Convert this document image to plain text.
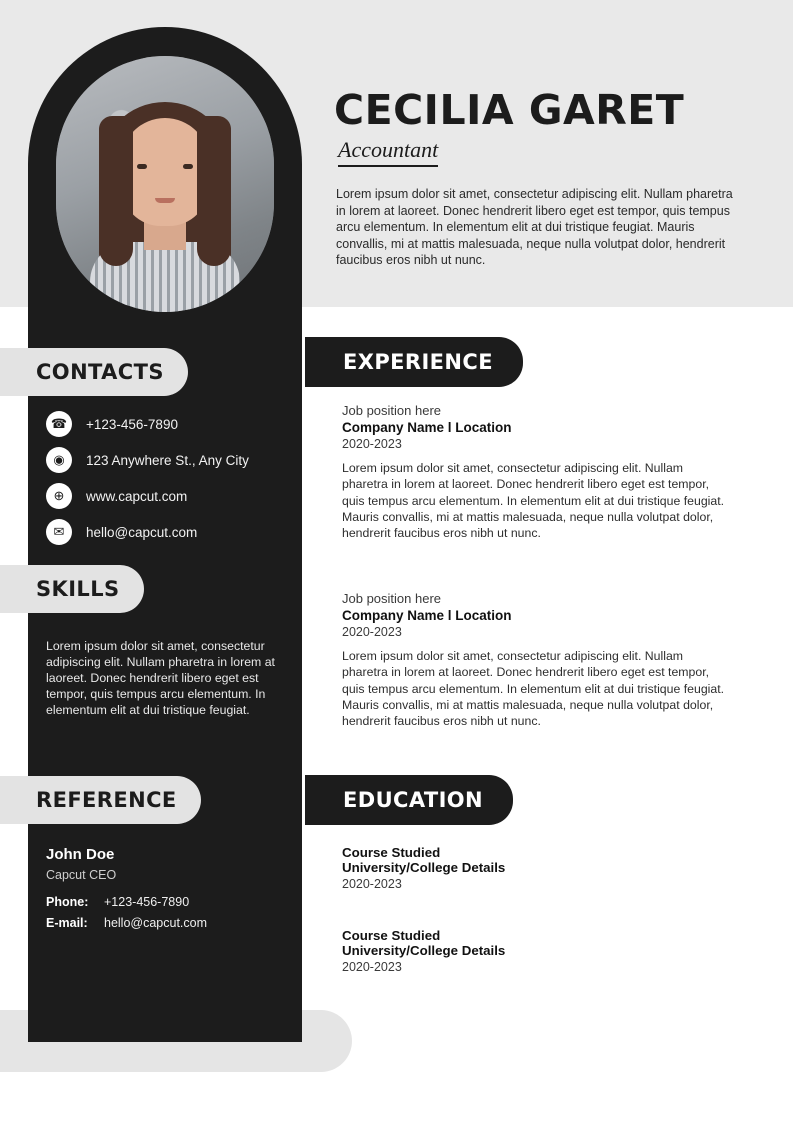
CECILIA GARET
Accountant
Lorem ipsum dolor sit amet, consectetur adipiscing elit. Nullam pharetra in lorem at laoreet. Donec hendrerit libero eget est tempor, quis tempus arcu elementum. In elementum elit at dui tristique feugiat. Mauris convallis, mi at mattis malesuada, neque nulla volutpat dolor, hendrerit faucibus eros nibh ut nunc.
CONTACTS
☎	+123-456-7890
◉	123 Anywhere St., Any City
⊕	www.capcut.com
✉	hello@capcut.com
SKILLS
Lorem ipsum dolor sit amet, consectetur adipiscing elit. Nullam pharetra in lorem at laoreet. Donec hendrerit libero eget est tempor, quis tempus arcu elementum. In elementum elit at dui tristique feugiat.
REFERENCE
John Doe
Capcut CEO
Phone:	+123-456-7890
E-mail:	hello@capcut.com
EXPERIENCE
Job position here
Company Name l Location
2020-2023
Lorem ipsum dolor sit amet, consectetur adipiscing elit. Nullam pharetra in lorem at laoreet. Donec hendrerit libero eget est tempor, quis tempus arcu elementum. In elementum elit at dui tristique feugiat. Mauris convallis, mi at mattis malesuada, neque nulla volutpat dolor, hendrerit faucibus eros nibh ut nunc.
Job position here
Company Name l Location
2020-2023
Lorem ipsum dolor sit amet, consectetur adipiscing elit. Nullam pharetra in lorem at laoreet. Donec hendrerit libero eget est tempor, quis tempus arcu elementum. In elementum elit at dui tristique feugiat. Mauris convallis, mi at mattis malesuada, neque nulla volutpat dolor, hendrerit faucibus eros nibh ut nunc.
EDUCATION
Course Studied
University/College Details
2020-2023
Course Studied
University/College Details
2020-2023
